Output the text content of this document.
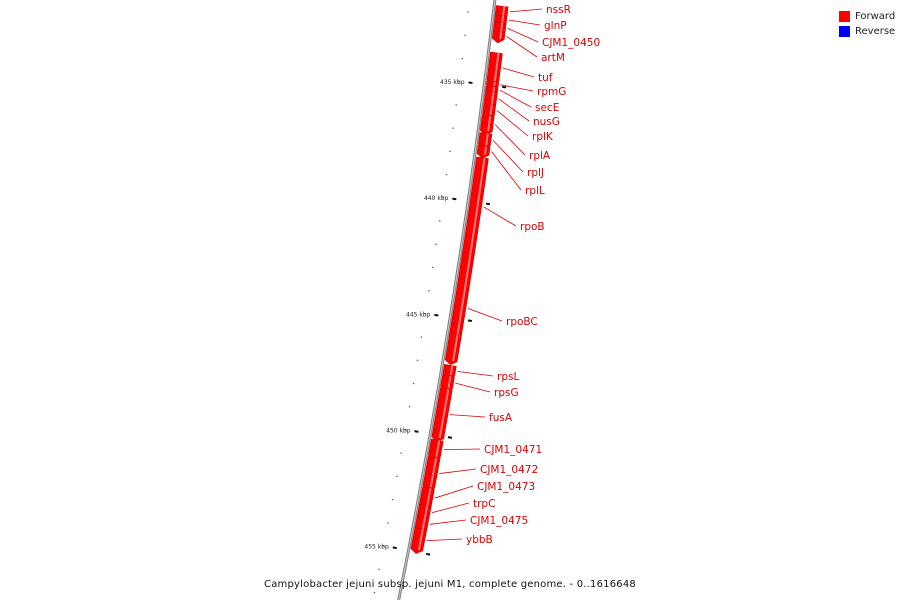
435 kbp
440 kbp
445 kbp
450 kbp
455 kbp
nssR
glnP
CJM1_0450
artM
tuf
rpmG
secE
nusG
rplK
rplA
rplJ
rplL
rpoB
rpoBC
rpsL
rpsG
fusA
CJM1_0471
CJM1_0472
CJM1_0473
trpC
CJM1_0475
ybbB
Forward
Reverse
Campylobacter jejuni subsp. jejuni M1, complete genome. - 0..1616648
